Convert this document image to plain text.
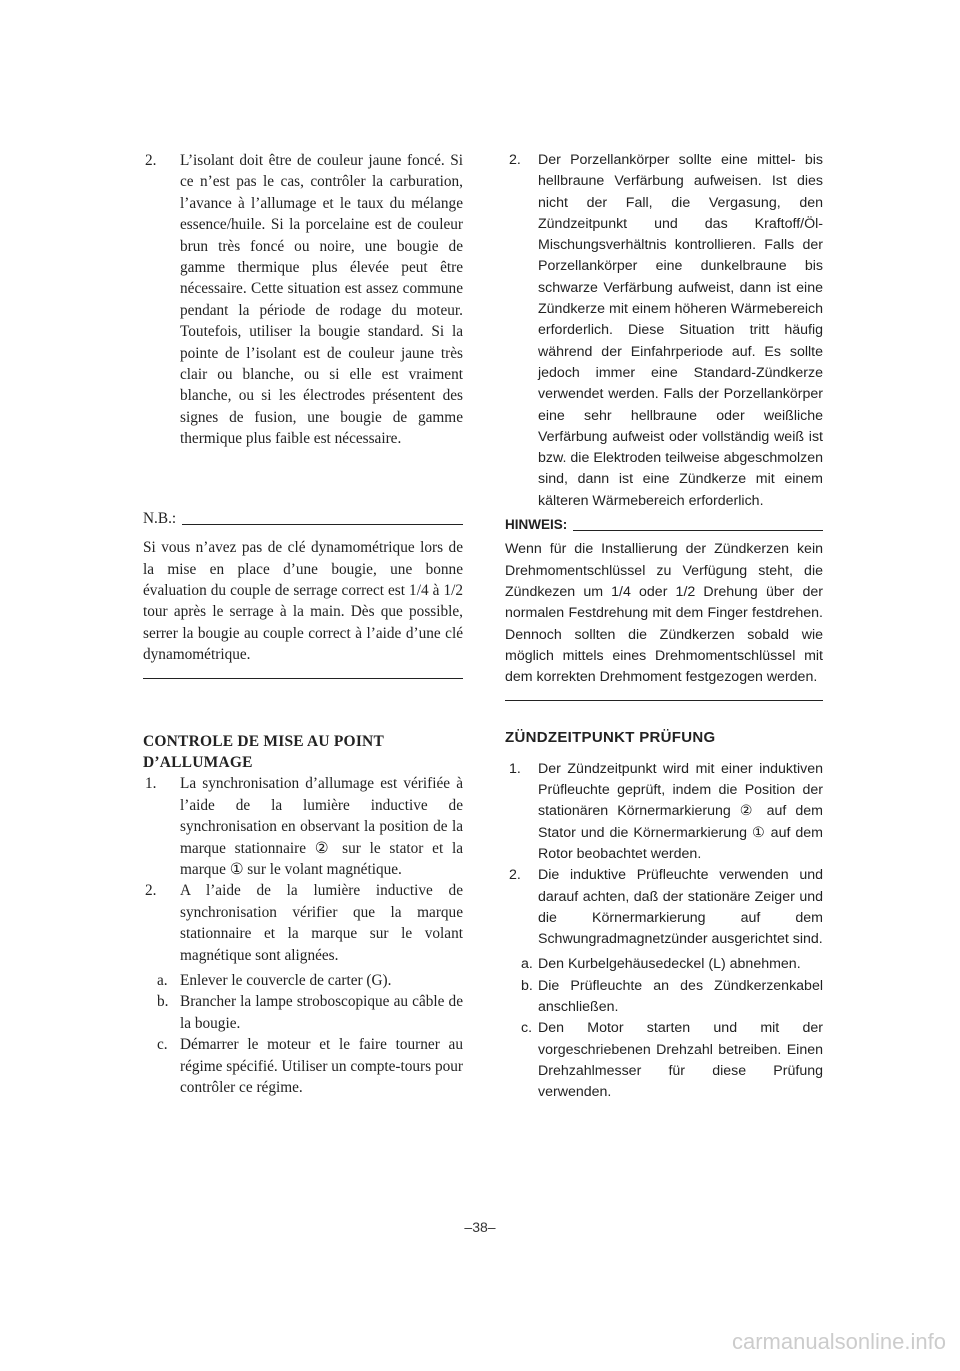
2. L’isolant doit être de couleur jaune foncé. Si ce n’est pas le cas, contrôler la carburation, l’avance à l’allumage et le taux du mélange essence/huile. Si la porcelaine est de couleur brun très foncé ou noire, une bougie de gamme thermique plus élevée peut être nécessaire. Cette situation est assez commune pendant la période de rodage du moteur. Toutefois, utiliser la bougie standard. Si la pointe de l’isolant est de couleur jaune très clair ou blanche, ou si elle est vraiment blanche, ou si les électrodes présentent des signes de fusion, une bougie de gamme thermique plus faible est nécessaire.
N.B.:
Si vous n’avez pas de clé dynamométrique lors de la mise en place d’une bougie, une bonne évaluation du couple de serrage correct est 1/4 à 1/2 tour après le serrage à la main. Dès que possible, serrer la bougie au couple correct à l’aide d’une clé dynamométrique.
CONTROLE DE MISE AU POINT D’ALLUMAGE
1. La synchronisation d’allumage est vérifiée à l’aide de la lumière inductive de synchronisation en observant la position de la marque stationnaire ② sur le stator et la marque ① sur le volant magnétique.
2. A l’aide de la lumière inductive de synchronisation vérifier que la marque stationnaire et la marque sur le volant magnétique sont alignées.
a. Enlever le couvercle de carter (G).
b. Brancher la lampe stroboscopique au câble de la bougie.
c. Démarrer le moteur et le faire tourner au régime spécifié. Utiliser un compte-tours pour contrôler ce régime.
2. Der Porzellankörper sollte eine mittel- bis hellbraune Verfärbung aufweisen. Ist dies nicht der Fall, die Vergasung, den Zündzeitpunkt und das Kraftoff/Öl-Mischungsverhältnis kontrollieren. Falls der Porzellankörper eine dunkelbraune bis schwarze Verfärbung aufweist, dann ist eine Zündkerze mit einem höheren Wärmebereich erforderlich. Diese Situation tritt häufig während der Einfahrperiode auf. Es sollte jedoch immer eine Standard-Zündkerze verwendet werden. Falls der Porzellankörper eine sehr hellbraune oder weißliche Verfärbung aufweist oder vollständig weiß ist bzw. die Elektroden teilweise abgeschmolzen sind, dann ist eine Zündkerze mit einem kälteren Wärmebereich erforderlich.
HINWEIS:
Wenn für die Installierung der Zündkerzen kein Drehmomentschlüssel zu Verfügung steht, die Zündkezen um 1/4 oder 1/2 Drehung über der normalen Festdrehung mit dem Finger festdrehen. Dennoch sollten die Zündkerzen sobald wie möglich mittels eines Drehmomentschlüssel mit dem korrekten Drehmoment festgezogen werden.
ZÜNDZEITPUNKT PRÜFUNG
1. Der Zündzeitpunkt wird mit einer induktiven Prüfleuchte geprüft, indem die Position der stationären Körnermarkierung ② auf dem Stator und die Körnermarkierung ① auf dem Rotor beobachtet werden.
2. Die induktive Prüfleuchte verwenden und darauf achten, daß der stationäre Zeiger und die Körnermarkierung auf dem Schwungradmagnetzünder ausgerichtet sind.
a. Den Kurbelgehäusedeckel (L) abnehmen.
b. Die Prüfleuchte an des Zündkerzenkabel anschließen.
c. Den Motor starten und mit der vorgeschriebenen Drehzahl betreiben. Einen Drehzahlmesser für diese Prüfung verwenden.
–38–
carmanualsonline.info
